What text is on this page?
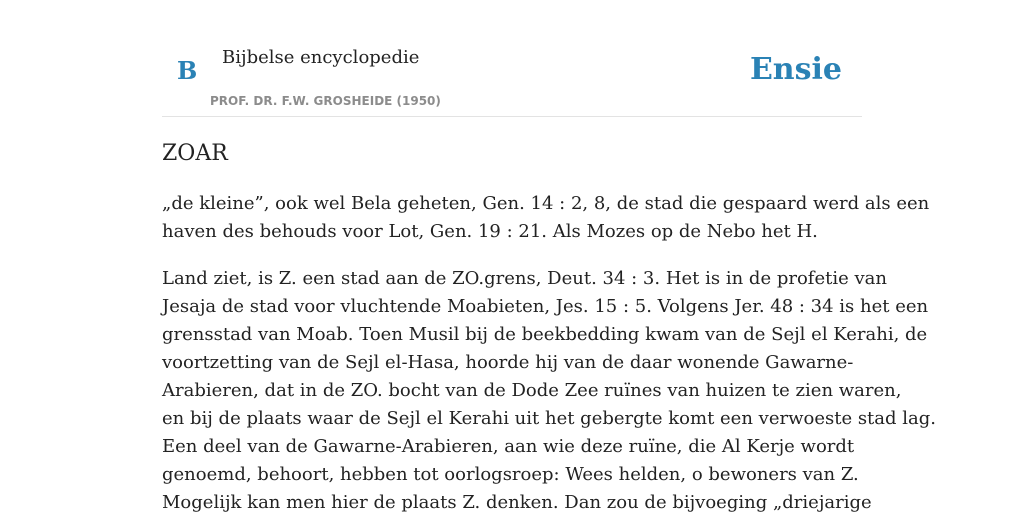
B Bijbelse encyclopedie
PROF. DR. F.W. GROSHEIDE (1950)
Ensie
ZOAR

„de kleine”, ook wel Bela geheten, Gen. 14 : 2, 8, de stad die gespaard werd als een
haven des behouds voor Lot, Gen. 19 : 21. Als Mozes op de Nebo het H.

Land ziet, is Z. een stad aan de ZO.grens, Deut. 34 : 3. Het is in de profetie van
Jesaja de stad voor vluchtende Moabieten, Jes. 15 : 5. Volgens Jer. 48 : 34 is het een
grensstad van Moab. Toen Musil bij de beekbedding kwam van de Sejl el Kerahi, de
voortzetting van de Sejl el-Hasa, hoorde hij van de daar wonende Gawarne-
Arabieren, dat in de ZO. bocht van de Dode Zee ruïnes van huizen te zien waren,
en bij de plaats waar de Sejl el Kerahi uit het gebergte komt een verwoeste stad lag.
Een deel van de Gawarne-Arabieren, aan wie deze ruïne, die Al Kerje wordt
genoemd, behoort, hebben tot oorlogsroep: Wees helden, o bewoners van Z.
Mogelijk kan men hier de plaats Z. denken. Dan zou de bijvoeging „driejarige
